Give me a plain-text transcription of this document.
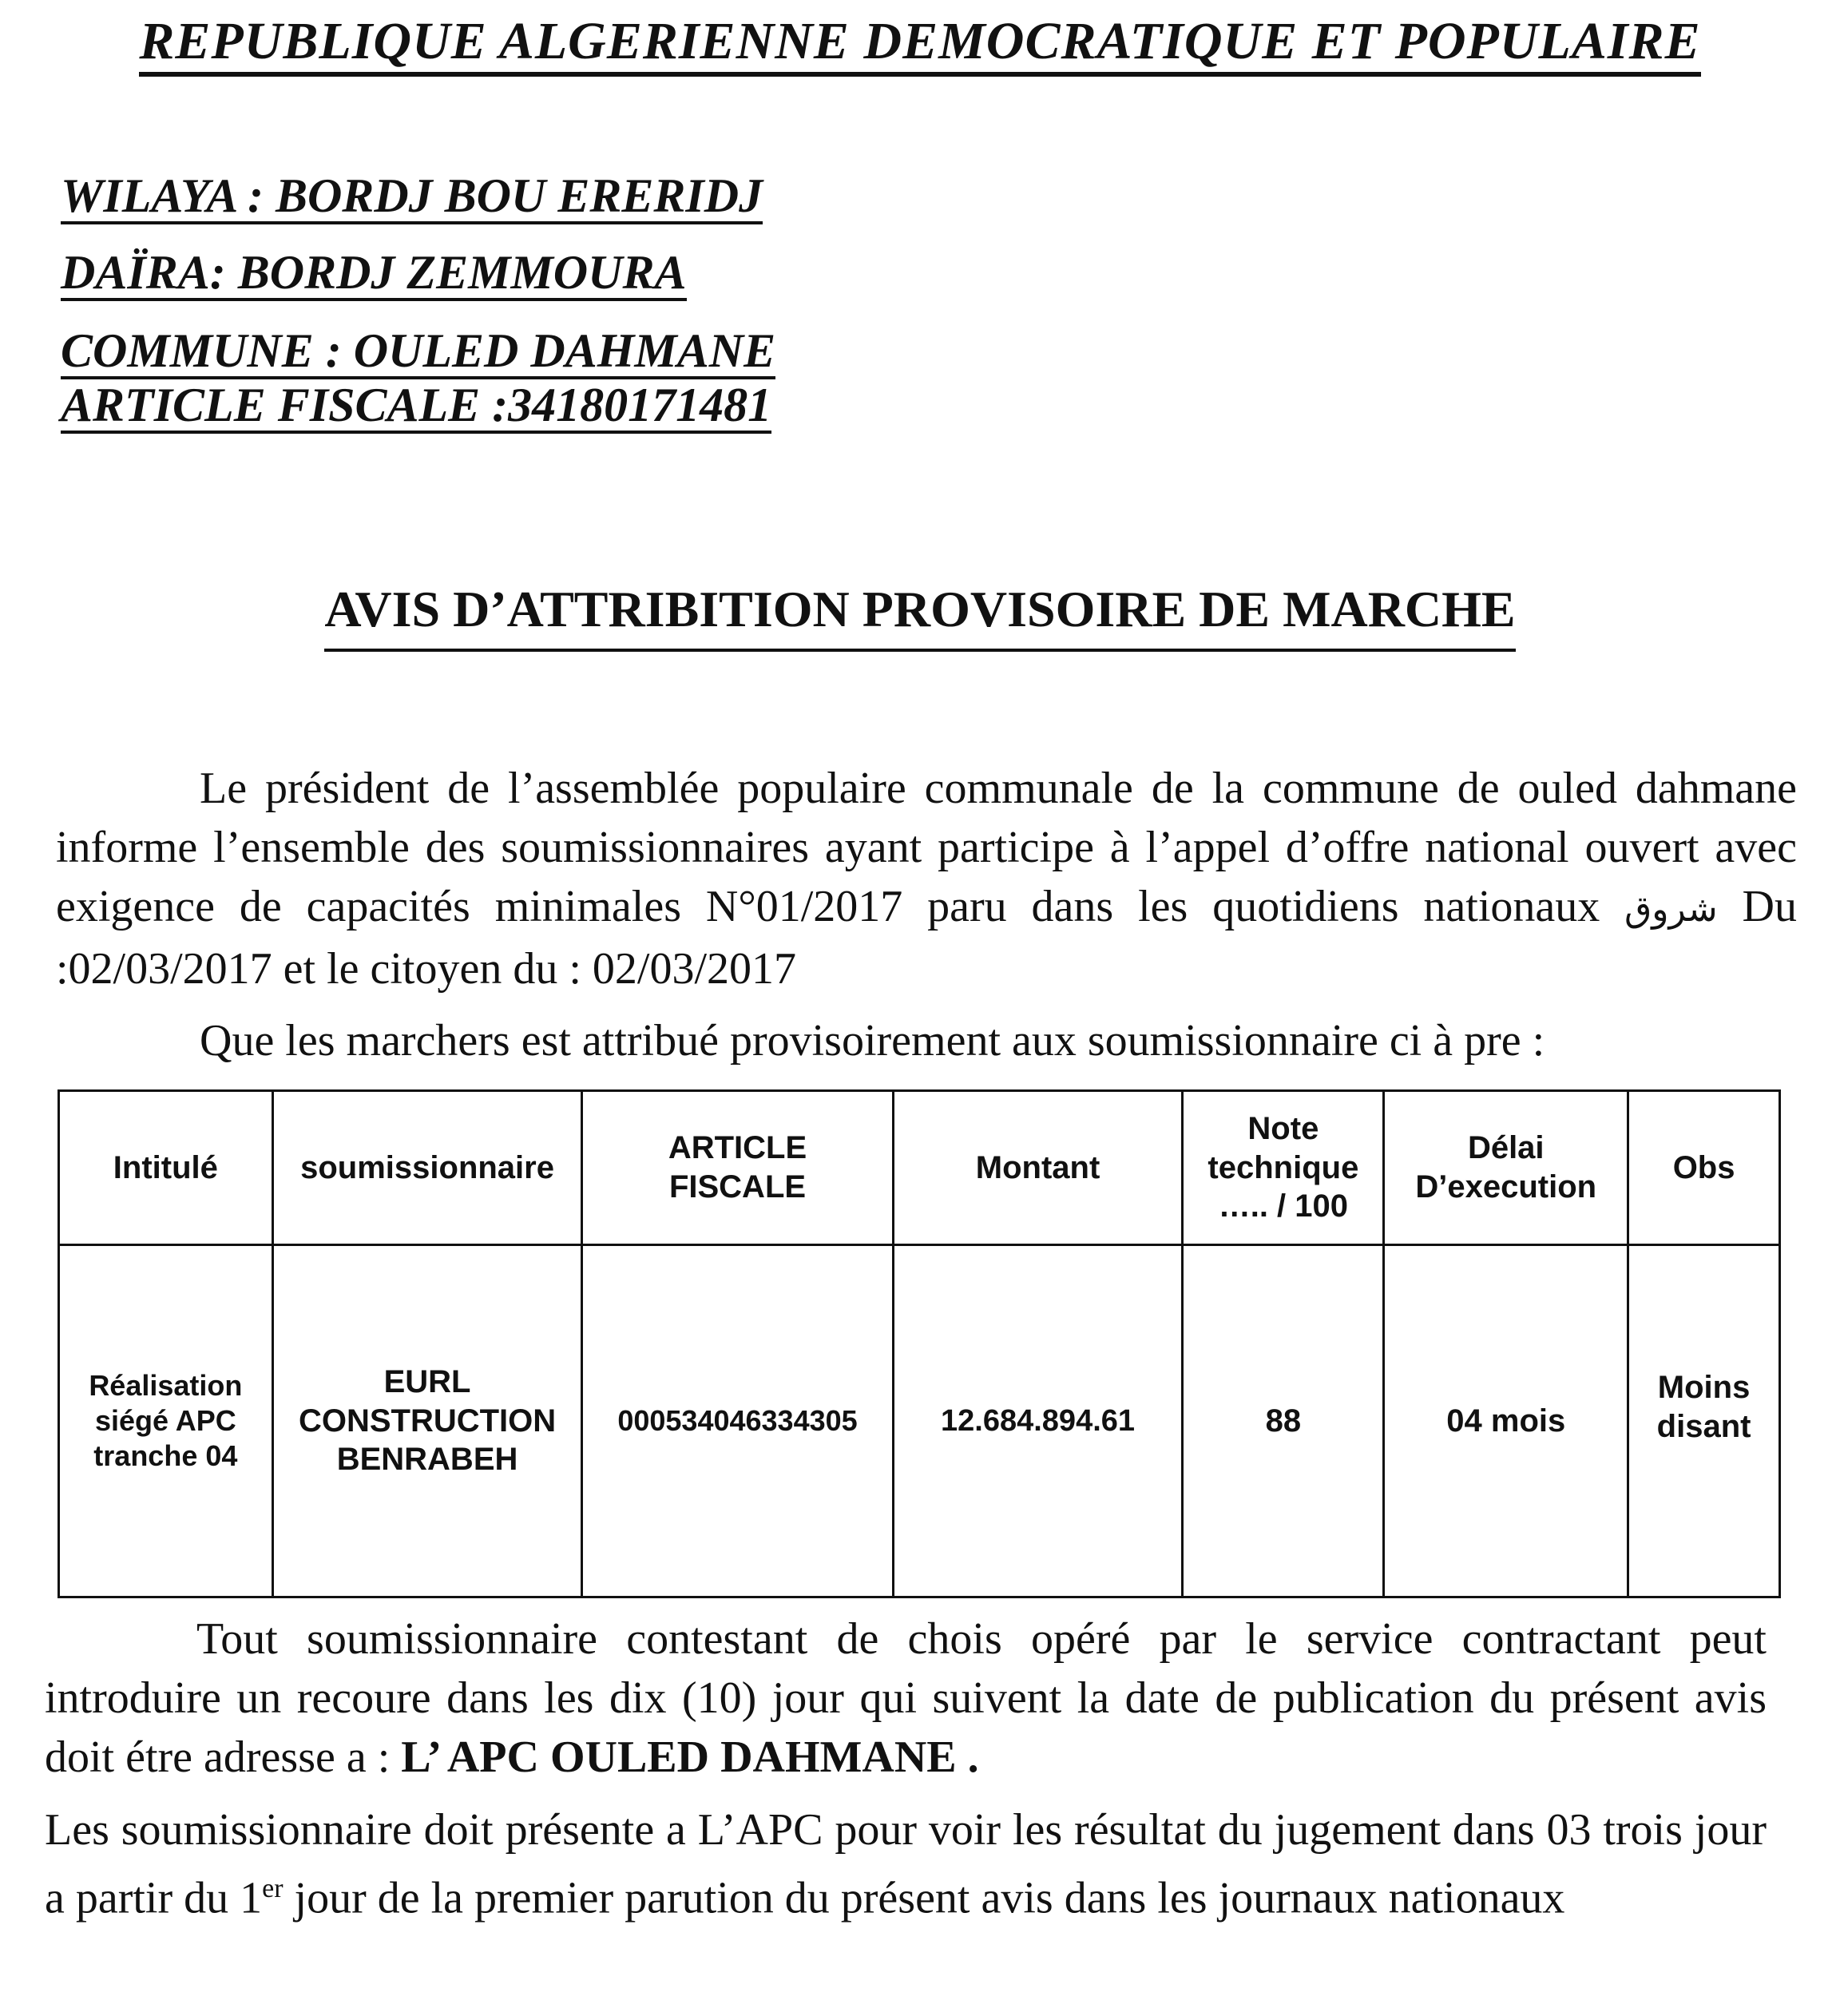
REPUBLIQUE ALGERIENNE DEMOCRATIQUE ET POPULAIRE
WILAYA : BORDJ BOU ERERIDJ
DAÏRA: BORDJ ZEMMOURA
COMMUNE : OULED DAHMANE
ARTICLE FISCALE :34180171481
AVIS D’ATTRIBITION PROVISOIRE DE MARCHE
Le président de l’assemblée populaire communale de la commune de ouled dahmane informe l’ensemble des soumissionnaires ayant participe à l’appel d’offre national ouvert avec exigence de capacités minimales N°01/2017 paru dans les quotidiens nationaux شروق Du :02/03/2017 et le citoyen du : 02/03/2017
Que les marchers est attribué provisoirement aux soumissionnaire ci à pre :
Intitulé	soumissionnaire	ARTICLE FISCALE	Montant	Note technique ….. / 100	Délai D’execution	Obs

Réalisation siégé APC tranche 04	EURL CONSTRUCTION BENRABEH	000534046334305	12.684.894.61	88	04 mois	Moins disant
Tout soumissionnaire contestant de chois opéré par le service contractant peut introduire un recoure dans les dix (10) jour qui suivent la date de publication du présent avis doit étre adresse a : L’ APC OULED DAHMANE .
Les soumissionnaire doit présente a L’APC pour voir les résultat du jugement dans 03 trois jour a partir du 1er jour de la premier parution du présent avis dans les journaux nationaux
